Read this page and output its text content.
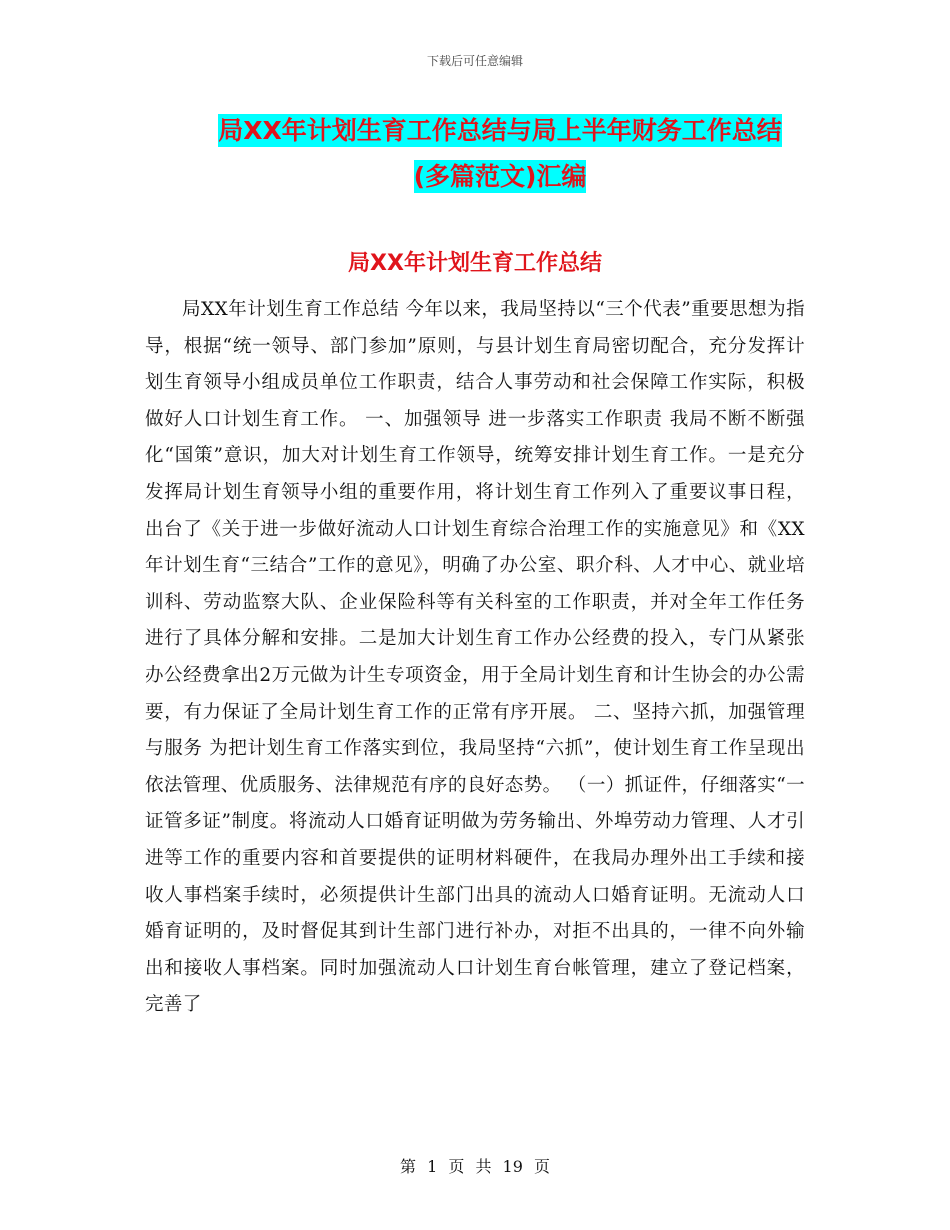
下载后可任意编辑
局XX年计划生育工作总结与局上半年财务工作总结
(多篇范文)汇编
局XX年计划生育工作总结
局XX年计划生育工作总结 今年以来，我局坚持以“三个代表”重要思想为指导，根据“统一领导、部门参加”原则，与县计划生育局密切配合，充分发挥计划生育领导小组成员单位工作职责，结合人事劳动和社会保障工作实际，积极做好人口计划生育工作。 一、加强领导 进一步落实工作职责 我局不断不断强化“国策”意识，加大对计划生育工作领导，统筹安排计划生育工作。一是充分发挥局计划生育领导小组的重要作用，将计划生育工作列入了重要议事日程，出台了《关于进一步做好流动人口计划生育综合治理工作的实施意见》和《XX年计划生育“三结合”工作的意见》，明确了办公室、职介科、人才中心、就业培训科、劳动监察大队、企业保险科等有关科室的工作职责，并对全年工作任务进行了具体分解和安排。二是加大计划生育工作办公经费的投入，专门从紧张办公经费拿出2万元做为计生专项资金，用于全局计划生育和计生协会的办公需要，有力保证了全局计划生育工作的正常有序开展。 二、坚持六抓，加强管理与服务 为把计划生育工作落实到位，我局坚持“六抓”，使计划生育工作呈现出依法管理、优质服务、法律规范有序的良好态势。 （一）抓证件，仔细落实“一证管多证”制度。将流动人口婚育证明做为劳务输出、外埠劳动力管理、人才引进等工作的重要内容和首要提供的证明材料硬件，在我局办理外出工手续和接收人事档案手续时，必须提供计生部门出具的流动人口婚育证明。无流动人口婚育证明的，及时督促其到计生部门进行补办，对拒不出具的，一律不向外输出和接收人事档案。同时加强流动人口计划生育台帐管理，建立了登记档案，完善了
第 1 页 共 19 页
